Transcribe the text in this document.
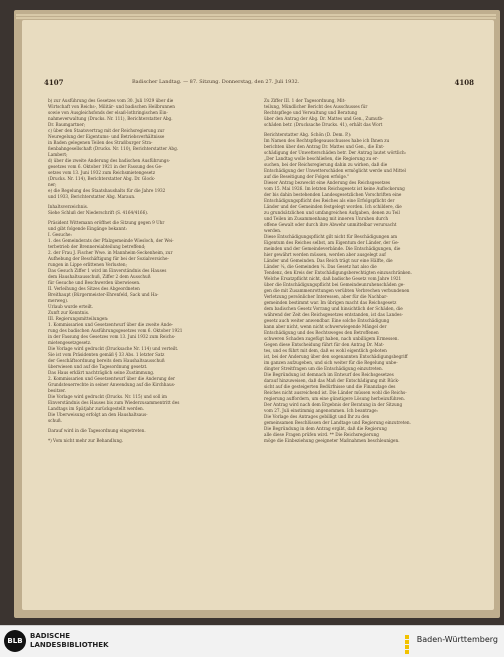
4107	Badischer Landtag. — 87. Sitzung. Donnerstag, den 27. Juli 1932.	4108
b) zur Ausführung des Gesetzes vom 30. Juli 1929 über die
Wirtschaft von Reichs-, Militär- und badischen Heilbrunnen
sowie von Ausgleichsfonds der elsaß-lothringischen Ein-
nahmeverwaltung (Drucks. Nr. 111), Berichterstatter Abg.
Dr. Baumgartner;
c) über den Staatsvertrag mit der Reichsregierung zur
Neuregelung der Eigentums- und Betriebsverhältnisse
in Baden gelegenen Teilen des Straßburger Stra-
ßenbahngesellschaft (Drucks. Nr. 110), Berichterstatter Abg.
Lambert;
d) über die zweite Änderung des badischen Ausführungs-
gesetzes vom 6. Oktober 1921 in der Fassung des Ge-
setzes vom 13. Juni 1932 zum Reichsmietengesetz
(Drucks. Nr. 114), Berichterstatter Abg. Dr. Glock-
ner;
e) die Regelung des Staatshaushalts für die Jahre 1932
und 1933, Berichterstatter Abg. Maraun.
Inhaltsverzeichnis.
Siehe Schluß der Niederschrift (S. 4164/4166).
Präsident Wittemann eröffnet die Sitzung gegen 9 Uhr
und gibt folgende Eingänge bekannt:
I. Gesuche:
1. des Gemeinderats der Pfalzgemeinde Wiesloch, der Wei-
terbetrieb der Brennereiabteilung betreffend;
2. der Frau J. Fischer Wwe. in Mannheim-Seckenheim, zur
Aufhebung der Beschäftigung für bei der Sozialversiche-
rungen in Lippe erlittenen Verlusten;
Das Gesuch Ziffer 1 wird im Einverständnis des Hauses
dem Haushaltsausschuß, Ziffer 2 dem Ausschuß
für Gesuche und Beschwerden überwiesen.
II. Verleihung des Sitzes des Abgeordneten
Breithaupt (Bürgermeister-Ehrenfeld, Sack und Ha-
merweg).
Urlaub wurde erteilt.
Zunft zur Kenntnis.
III. Regierungsmitteilungen:
1. Kommissarien und Gesetzentwurf über die zweite Ände-
rung des badischen Ausführungsgesetzes vom 6. Oktober 1921
in der Fassung des Gesetzes vom 13. Juni 1932 zum Reichs-
mietengesetzgesetz.
Die Vorlage wird gedruckt (Drucksache Nr. 114) und verteilt.
Sie ist vom Präsidenten gemäß § 33 Abs. 1 letzter Satz
der Geschäftsordnung bereits dem Haushaltsausschuß
überwiesen und auf die Tagesordnung gesetzt.
Das Haus erklärt nachträglich seine Zustimmung.
2. Kommissarien und Gesetzentwurf über die Änderung der
Grundsteuerrechte in seiner Anwendung auf die Kirchhaus-
besitzer.
Die Vorlage wird gedruckt (Drucks. Nr. 115) und soll im
Einverständnis des Hauses bis zum Wiederzusammentritt des
Landtags im Spätjahr zurückgestellt werden.
Die Überweisung erfolgt an den Haushaltsaus-
schuß.
Darauf wird in die Tagesordnung eingetreten.
*) Vom nicht mehr zur Behandlung.
Zu Ziffer III. 1 der Tagesordnung, Mit-
teilung, Mündlicher Bericht des Ausschusses für
Rechtspflege und Verwaltung und Beratung
über den Antrag der Abg. Dr. Mattes und Gen., Zumutb-
schäden betr. (Drucksache Drucks. 41), erhält das Wort
Berichterstatter Abg. Schön (D. Dem. P.):
Im Namen des Rechtspflegeausschusses habe ich Ihnen zu
berichten über den Antrag Dr. Mattes und Gen., die Ent-
schädigung der Unwetterschäden betr. Der Antrag lautet wörtlich:
„Der Landtag wolle beschließen, die Regierung zu er-
suchen, bei der Reichsregierung dahin zu wirken, daß die
Entschädigung der Unwetterschäden ermöglicht werde und Mittel
auf die Beseitigung der Folgen erfolge."
Dieser Antrag bezweckt eine Änderung des Reichsgesetzes
vom 15. Mai 1926. Im letzten Reichsgesetz ist keine Auflockerung
der bis dahin bestehenden Landesgesetzlichen Vorschriften eine
Entschädigungspflicht des Reiches als eine Erfolgspflicht der
Länder und der Gemeinden festgelegt worden. Ich schildere, die
zu grundsätzlichen und umfangreichen Aufgaben, denen zu Teil
und Teilen im Zusammenhang mit inneren Unruhen durch
offene Gewalt oder durch ihre Abwehr unmittelbar verursacht
werden.
Diese Entschädigungspflicht gilt nicht für Beschädigungen am
Eigentum des Reiches selbst, am Eigentum der Länder, der Ge-
meinden und der Gemeindeverbände. Die Entschädigungen, die
hier gewährt werden müssen, werden aber ausgelegt auf
Länder und Gemeinden. Das Reich trägt nur eine Hälfte, die
Länder ¼, die Gemeinden ¼. Das Gesetz hat also die
Tendenz, den Kreis der Entschädigungsberechtigten einzuschränken.
Welche Ersatzpflicht nicht, daß badische Gesetz vom Jahre 1921
über die Entschädigungspflicht bei Gemeindeunruhenschäden ge-
gen die mit Zusammenrottungen verübten Verbrechen verbundenen
Verletzung persönlicher Interessen, aber für die Nachbar-
gemeinden bestimmt war. Im übrigen macht das Reichsgesetz
dem badischen Gesetz Vorrang und hinsichtlich der Schäden, die
während der Zeit des Reichsgesetzes entstanden, ist das Landes-
gesetz auch weiter anwendbar. Eine solche Entschädigung
kann aber nicht, wenn nicht schwerwiegende Mängel der
Entschädigung und des Rechtsweges den Betroffenen
schweren Schaden zugefügt haben, nach unbilligem Ermessen.
Gegen diese Entscheidung führt für den Antrag Dr. Mat-
tes, und es führt mit dem, daß es wohl eigentlich geboten
ist, bei der Änderung über den sogenannten Entschädigungsbegriff
im ganzen aufzugeben, und sich weiter für die Regelung unbe-
dingter Streitfragen um die Entschädigung einzutreten.
Die Begründung ist demnach im Entwurf des Reichsgesetzes
darauf hinzuweisen, daß das Maß der Entschädigung mit Rück-
sicht auf die gesteigerten Bedürfnisse und die Finanzlage des
Reiches nicht ausreichend ist. Die Länder müssen wohl die Reichs-
regierung auffordern, um eine günstigere Lösung herbeizuführen.
Der Antrag wird nach dem Ergebnis der Beratung in der Sitzung
vom 27. Juli einstimmig angenommen. Ich beantrage:
Die Vorlage des Antrages gebilligt und Ihr zu den
gemeinsamen Beschlüssen der Landtage und Regierung einzutreten.
Die Begründung in dem Antrag ergibt, daß die Regierung
alle diese Fragen prüfen wird. ** Die Reichsregierung
möge die Einbeziehung geeigneter Maßnahmen beschleunigen.
BLB
BADISCHE
LANDESBIBLIOTHEK
Baden-Württemberg
